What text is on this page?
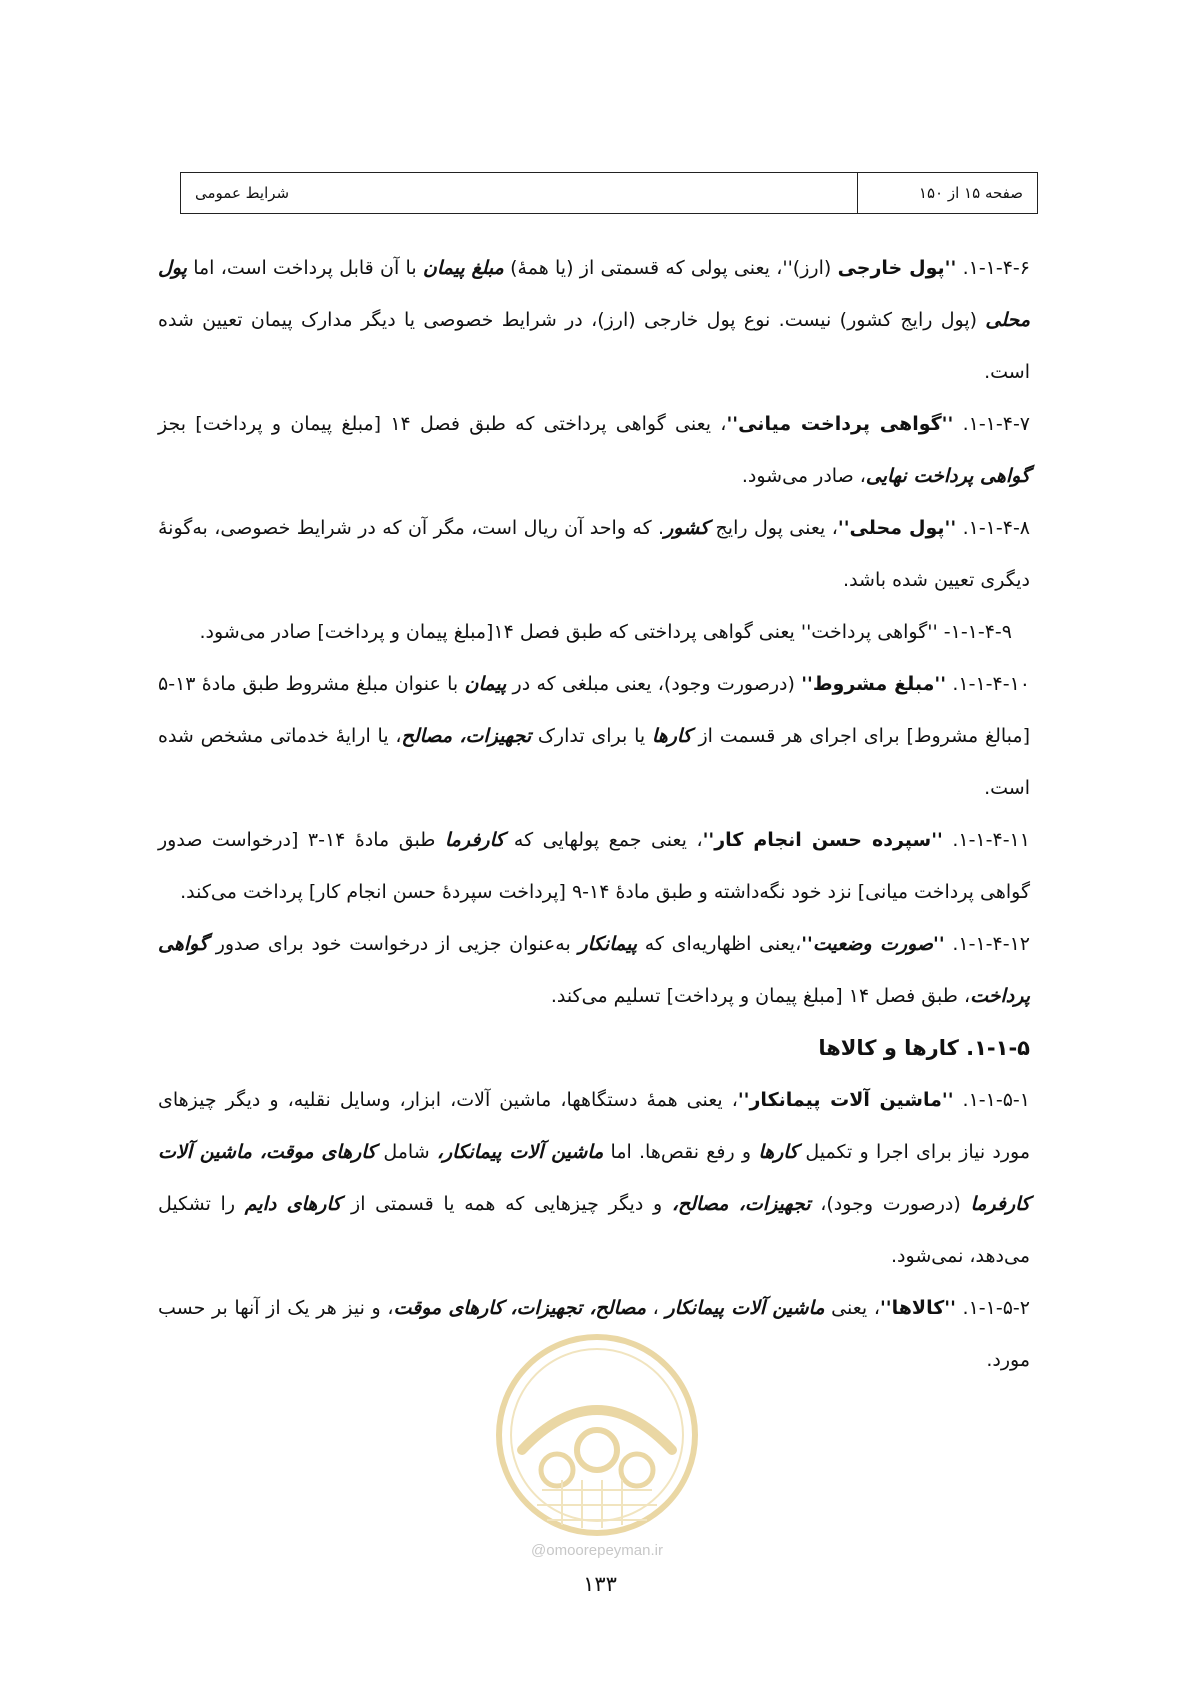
صفحه ۱۵ از ۱۵۰
شرایط عمومی

۱-۱-۴-۶. ''پول خارجی (ارز)''، یعنی پولی که قسمتی از (یا همهٔ) مبلغ پیمان با آن قابل پرداخت است، اما پول محلی (پول رایج کشور) نیست. نوع پول خارجی (ارز)، در شرایط خصوصی یا دیگر مدارک پیمان تعیین شده است.

۱-۱-۴-۷. ''گواهی پرداخت میانی''، یعنی گواهی پرداختی که طبق فصل ۱۴ [مبلغ پیمان و پرداخت] بجز گواهی پرداخت نهایی، صادر می‌شود.

۱-۱-۴-۸. ''پول محلی''، یعنی پول رایج کشور. که واحد آن ریال است، مگر آن که در شرایط خصوصی، به‌گونهٔ دیگری تعیین شده باشد.

۱-۱-۴-۹- ''گواهی پرداخت'' یعنی گواهی پرداختی که طبق فصل ۱۴[مبلغ پیمان و پرداخت] صادر می‌شود.

۱-۱-۴-۱۰. ''مبلغ مشروط'' (درصورت وجود)، یعنی مبلغی که در پیمان با عنوان مبلغ مشروط طبق مادهٔ ۱۳-۵ [مبالغ مشروط] برای اجرای هر قسمت از کارها یا برای تدارک تجهیزات، مصالح، یا ارایهٔ خدماتی مشخص شده است.

۱-۱-۴-۱۱. ''سپرده حسن انجام کار''، یعنی جمع پولهایی که کارفرما طبق مادهٔ ۱۴-۳ [درخواست صدور گواهی پرداخت میانی] نزد خود نگه‌داشته و طبق مادهٔ ۱۴-۹ [پرداخت سپردهٔ حسن انجام کار] پرداخت می‌کند.

۱-۱-۴-۱۲. ''صورت وضعیت''،یعنی اظهاریه‌ای که پیمانکار به‌عنوان جزیی از درخواست خود برای صدور گواهی پرداخت، طبق فصل ۱۴ [مبلغ پیمان و پرداخت] تسلیم می‌کند.

۱-۱-۵. کارها و کالاها

۱-۱-۵-۱. ''ماشین آلات پیمانکار''، یعنی همهٔ دستگاهها، ماشین آلات، ابزار، وسایل نقلیه، و دیگر چیزهای مورد نیاز برای اجرا و تکمیل کارها و رفع نقص‌ها. اما ماشین آلات پیمانکار، شامل کارهای موقت، ماشین آلات کارفرما (درصورت وجود)، تجهیزات، مصالح، و دیگر چیزهایی که همه یا قسمتی از کارهای دایم را تشکیل می‌دهد، نمی‌شود.

۱-۱-۵-۲. ''کالاها''، یعنی ماشین آلات پیمانکار ، مصالح، تجهیزات، کارهای موقت، و نیز هر یک از آنها بر حسب مورد.

@omoorepeyman.ir
۱۳۳
